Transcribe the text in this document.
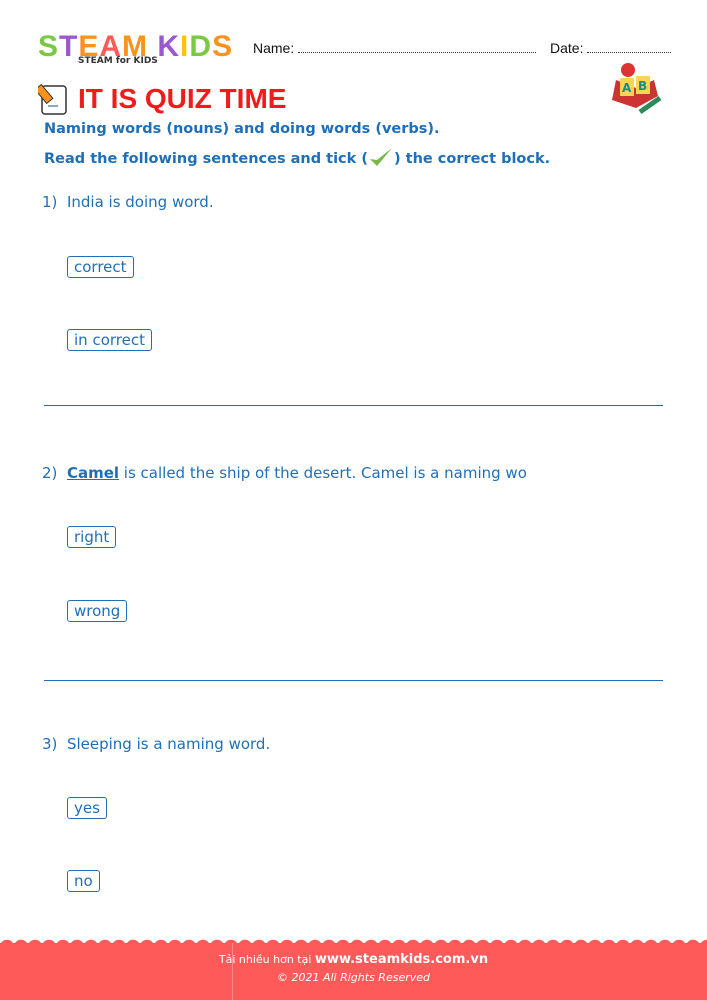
STEAM KIDS
STEAM for KIDS
Name:	Date:
IT IS QUIZ TIME	A B
Naming words (nouns) and doing words (verbs).
Read the following sentences and tick ( ) the correct block.
1) India is doing word.
correct
in correct
2) Camel is called the ship of the desert. Camel is a naming wo
right
wrong
3) Sleeping is a naming word.
yes
no
Tải nhiều hơn tại www.steamkids.com.vn
© 2021 All Rights Reserved
